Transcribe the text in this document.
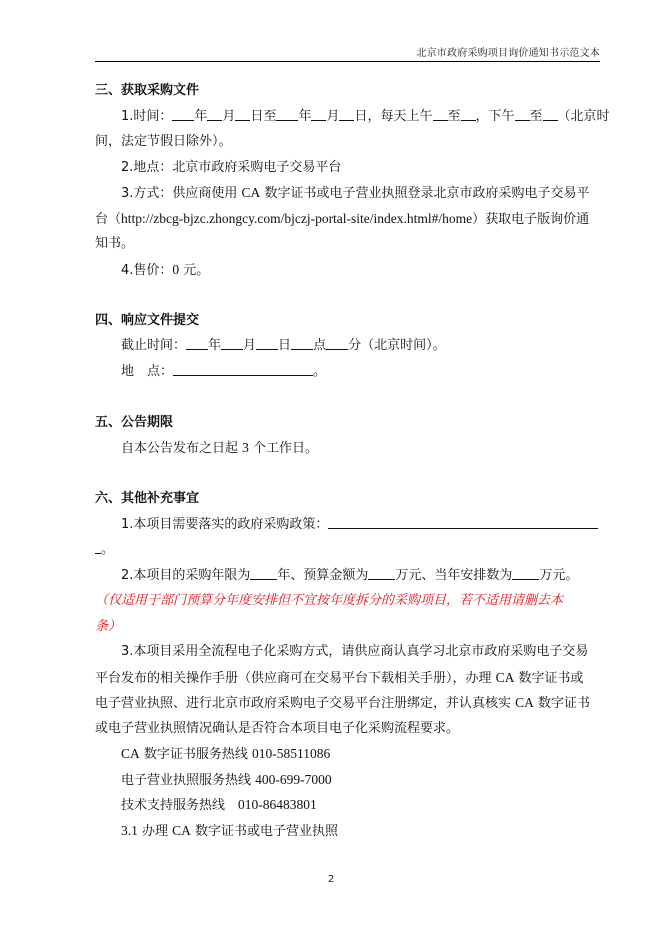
北京市政府采购项目询价通知书示范文本
三、获取采购文件
1.时间： 年 月 日至 年 月 日，每天上午 至 ，下午 至 （北京时
间，法定节假日除外）。
2.地点：北京市政府采购电子交易平台
3.方式：供应商使用 CA 数字证书或电子营业执照登录北京市政府采购电子交易平
台（http://zbcg-bjzc.zhongcy.com/bjczj-portal-site/index.html#/home）获取电子版询价通
知书。
4.售价：0 元。
四、响应文件提交
截止时间： 年 月 日 点 分（北京时间）。
地　点：	。
五、公告期限
自本公告发布之日起 3 个工作日。
六、其他补充事宜
1.本项目需要落实的政府采购政策：
。
2.本项目的采购年限为 年、预算金额为 万元、当年安排数为 万元。
（仅适用于部门预算分年度安排但不宜按年度拆分的采购项目，若不适用请删去本
条）
3.本项目采用全流程电子化采购方式，请供应商认真学习北京市政府采购电子交易
平台发布的相关操作手册（供应商可在交易平台下载相关手册），办理 CA 数字证书或
电子营业执照、进行北京市政府采购电子交易平台注册绑定，并认真核实 CA 数字证书
或电子营业执照情况确认是否符合本项目电子化采购流程要求。
CA 数字证书服务热线 010-58511086
电子营业执照服务热线 400-699-7000
技术支持服务热线　010-86483801
3.1 办理 CA 数字证书或电子营业执照
2
